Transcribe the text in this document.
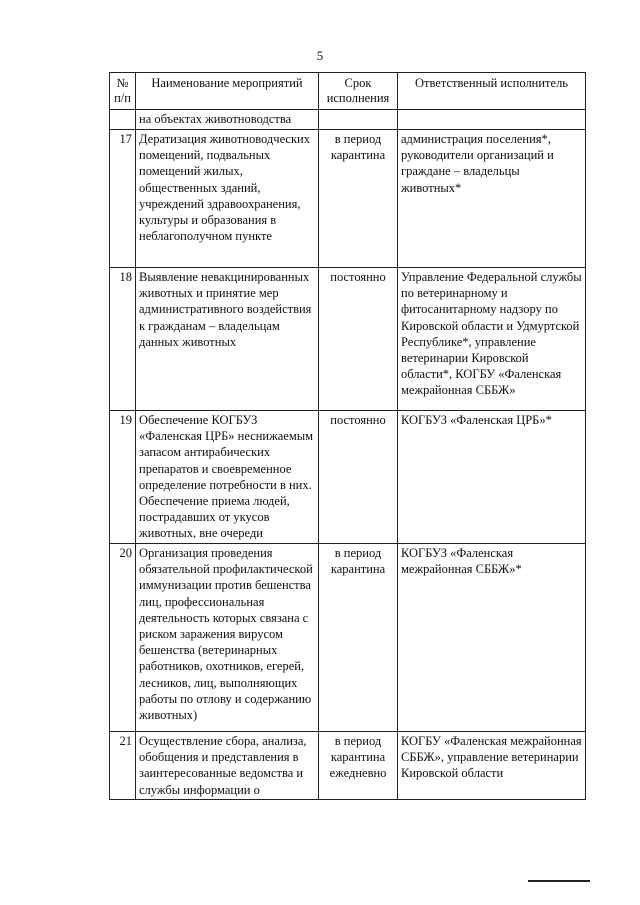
5
№ п/п	Наименование мероприятий	Срок исполнения	Ответственный исполнитель
	на объектах животноводства		
17	Дератизация животноводческих помещений, подвальных помещений жилых, общественных зданий, учреждений здравоохранения, культуры и образования в неблагополучном пункте	в период карантина	администрация поселения*, руководители организаций и граждане – владельцы животных*
18	Выявление невакцинированных животных и принятие мер административного воздействия к гражданам – владельцам данных животных	постоянно	Управление Федеральной службы по ветеринарному и фитосанитарному надзору по Кировской области и Удмуртской Республике*, управление ветеринарии Кировской области*, КОГБУ «Фаленская межрайонная СББЖ»
19	Обеспечение КОГБУЗ «Фаленская ЦРБ» неснижаемым запасом антирабических препаратов и своевременное определение потребности в них. Обеспечение приема людей, пострадавших от укусов животных, вне очереди	постоянно	КОГБУЗ «Фаленская ЦРБ»*
20	Организация проведения обязательной профилактической иммунизации против бешенства лиц, профессиональная деятельность которых связана с риском заражения вирусом бешенства (ветеринарных работников, охотников, егерей, лесников, лиц, выполняющих работы по отлову и содержанию животных)	в период карантина	КОГБУЗ «Фаленская межрайонная СББЖ»*
21	Осуществление сбора, анализа, обобщения и представления в заинтересованные ведомства и службы информации о	в период карантина ежедневно	КОГБУ «Фаленская межрайонная СББЖ», управление ветеринарии Кировской области
